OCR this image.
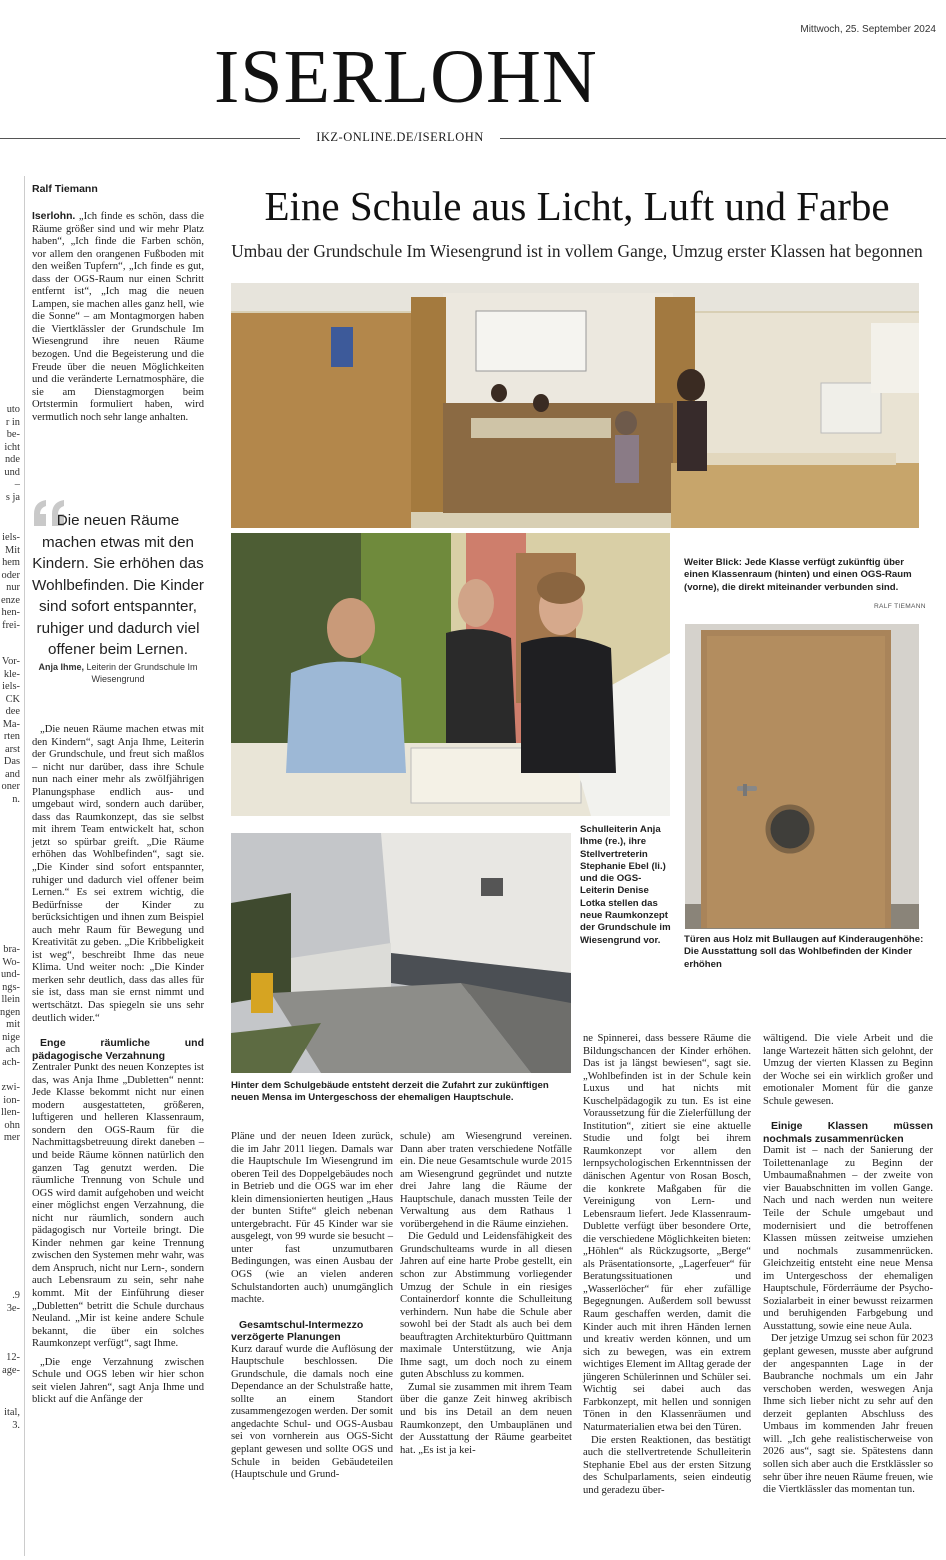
Mittwoch, 25. September 2024
ISERLOHN
IKZ-ONLINE.DE/ISERLOHN
uto
r in
be-
icht
nde
und
–
s ja
iels-
Mit
hem
oder
nur
enze
hen-
frei-
Vor-
kle-
iels-
CK
dee
Ma-
rten
arst
Das
and
oner
n.
bra-
Wo-
und-
ngs-
llein
ngen
mit
nige
ach
ach-
zwi-
ion-
llen-
ohn
mer
.9
3e-
12-
age-
ital,
3.
Ralf Tiemann	Eine Schule aus Licht, Luft und Farbe
Umbau der Grundschule Im Wiesengrund ist in vollem Gange, Umzug erster Klassen hat begonnen

Iserlohn. „Ich finde es schön, dass die Räume größer sind und wir mehr Platz haben“, „Ich finde die Farben schön, vor allem den orangenen Fußboden mit den weißen Tupfern“, „Ich finde es gut, dass der OGS-Raum nur einen Schritt entfernt ist“, „Ich mag die neuen Lampen, sie machen alles ganz hell, wie die Sonne“ – am Montagmorgen haben die Viertklässler der Grundschule Im Wiesengrund ihre neuen Räume bezogen. Und die Begeisterung und die Freude über die neuen Möglichkeiten und die veränderte Lernatmosphäre, die sie am Dienstagmorgen beim Ortstermin formuliert haben, wird vermutlich noch sehr lange anhalten.

Die neuen Räume machen etwas mit den Kindern. Sie erhöhen das Wohlbefinden. Die Kinder sind sofort entspannter, ruhiger und dadurch viel offener beim Lernen.
Anja Ihme, Leiterin der Grundschule Im Wiesengrund

„Die neuen Räume machen etwas mit den Kindern“, sagt Anja Ihme, Leiterin der Grundschule, und freut sich maßlos – nicht nur darüber, dass ihre Schule nun nach einer mehr als zwölfjährigen Planungsphase endlich aus- und umgebaut wird, sondern auch darüber, dass das Raumkonzept, das sie selbst mit ihrem Team entwickelt hat, schon jetzt so spürbar greift. „Die Räume erhöhen das Wohlbefinden“, sagt sie. „Die Kinder sind sofort entspannter, ruhiger und dadurch viel offener beim Lernen.“ Es sei extrem wichtig, die Bedürfnisse der Kinder zu berücksichtigen und ihnen zum Beispiel auch mehr Raum für Bewegung und Kreativität zu geben. „Die Kribbeligkeit ist weg“, beschreibt Ihme das neue Klima. Und weiter noch: „Die Kinder merken sehr deutlich, dass das alles für sie ist, dass man sie ernst nimmt und wertschätzt. Das spiegeln sie uns sehr deutlich wider.“

Enge räumliche und pädagogische Verzahnung

Zentraler Punkt des neuen Konzeptes ist das, was Anja Ihme „Dubletten“ nennt: Jede Klasse bekommt nicht nur einen modern ausgestatteten, größeren, luftigeren und helleren Klassenraum, sondern den OGS-Raum für die Nachmittagsbetreuung direkt daneben – und beide Räume können natürlich den ganzen Tag genutzt werden. Die räumliche Trennung von Schule und OGS wird damit aufgehoben und weicht einer möglichst engen Verzahnung, die nicht nur räumlich, sondern auch pädagogisch nur Vorteile bringt. Die Kinder nehmen gar keine Trennung zwischen den Systemen mehr wahr, was dem Anspruch, nicht nur Lern-, sondern auch Lebensraum zu sein, sehr nahe kommt. Mit der Einführung dieser „Dubletten“ betritt die Schule durchaus Neuland. „Mir ist keine andere Schule bekannt, die über ein solches Raumkonzept verfügt“, sagt Ihme.

„Die enge Verzahnung zwischen Schule und OGS leben wir hier schon seit vielen Jahren“, sagt Anja Ihme und blickt auf die Anfänge der

Weiter Blick: Jede Klasse verfügt zukünftig über einen Klassenraum (hinten) und einen OGS-Raum (vorne), die direkt miteinander verbunden sind.
RALF TIEMANN
Schulleiterin Anja Ihme (re.), ihre Stellvertreterin Stephanie Ebel (li.) und die OGS-Leiterin Denise Lotka stellen das neue Raumkonzept der Grundschule im Wiesengrund vor.	Türen aus Holz mit Bullaugen auf Kinderaugenhöhe: Die Ausstattung soll das Wohlbefinden der Kinder erhöhen
Hinter dem Schulgebäude entsteht derzeit die Zufahrt zur zukünftigen neuen Mensa im Untergeschoss der ehemaligen Hauptschule.

Pläne und der neuen Ideen zurück, die im Jahr 2011 liegen. Damals war die Hauptschule Im Wiesengrund im oberen Teil des Doppelgebäudes noch in Betrieb und die OGS war im eher klein dimensionierten heutigen „Haus der bunten Stifte“ gleich nebenan untergebracht. Für 45 Kinder war sie ausgelegt, von 99 wurde sie besucht – unter fast unzumutbaren Bedingungen, was einen Ausbau der OGS (wie an vielen anderen Schulstandorten auch) unumgänglich machte.

Gesamtschul-Intermezzo verzögerte Planungen

Kurz darauf wurde die Auflösung der Hauptschule beschlossen. Die Grundschule, die damals noch eine Dependance an der Schulstraße hatte, sollte an einem Standort zusammengezogen werden. Der somit angedachte Schul- und OGS-Ausbau sei von vornherein aus OGS-Sicht geplant gewesen und sollte OGS und Schule in beiden Gebäudeteilen (Hauptschule und Grund-

schule) am Wiesengrund vereinen. Dann aber traten verschiedene Notfälle ein. Die neue Gesamtschule wurde 2015 am Wiesengrund gegründet und nutzte drei Jahre lang die Räume der Hauptschule, danach mussten Teile der Verwaltung aus dem Rathaus 1 vorübergehend in die Räume einziehen.

Die Geduld und Leidensfähigkeit des Grundschulteams wurde in all diesen Jahren auf eine harte Probe gestellt, ein schon zur Abstimmung vorliegender Umzug der Schule in ein riesiges Containerdorf konnte die Schulleitung verhindern. Nun habe die Schule aber sowohl bei der Stadt als auch bei dem beauftragten Architekturbüro Quittmann maximale Unterstützung, wie Anja Ihme sagt, um doch noch zu einem guten Abschluss zu kommen.

Zumal sie zusammen mit ihrem Team über die ganze Zeit hinweg akribisch und bis ins Detail an dem neuen Raumkonzept, den Umbauplänen und der Ausstattung der Räume gearbeitet hat. „Es ist ja kei-

ne Spinnerei, dass bessere Räume die Bildungschancen der Kinder erhöhen. Das ist ja längst bewiesen“, sagt sie. „Wohlbefinden ist in der Schule kein Luxus und hat nichts mit Kuschelpädagogik zu tun. Es ist eine Voraussetzung für die Zielerfüllung der Institution“, zitiert sie eine aktuelle Studie und folgt bei ihrem Raumkonzept vor allem den lernpsychologischen Erkenntnissen der dänischen Agentur von Rosan Bosch, die konkrete Maßgaben für die Vereinigung von Lern- und Lebensraum liefert. Jede Klassenraum-Dublette verfügt über besondere Orte, die verschiedene Möglichkeiten bieten: „Höhlen“ als Rückzugsorte, „Berge“ als Präsentationsorte, „Lagerfeuer“ für Beratungssituationen und „Wasserlöcher“ für eher zufällige Begegnungen. Außerdem soll bewusst Raum geschaffen werden, damit die Kinder auch mit ihren Händen lernen und kreativ werden können, und um sich zu bewegen, was ein extrem wichtiges Element im Alltag gerade der jüngeren Schülerinnen und Schüler sei. Wichtig sei dabei auch das Farbkonzept, mit hellen und sonnigen Tönen in den Klassenräumen und Naturmaterialien etwa bei den Türen.

Die ersten Reaktionen, das bestätigt auch die stellvertretende Schulleiterin Stephanie Ebel aus der ersten Sitzung des Schulparlaments, seien eindeutig und geradezu über-

wältigend. Die viele Arbeit und die lange Wartezeit hätten sich gelohnt, der Umzug der vierten Klassen zu Beginn der Woche sei ein wirklich großer und emotionaler Moment für die ganze Schule gewesen.

Einige Klassen müssen nochmals zusammenrücken

Damit ist – nach der Sanierung der Toilettenanlage zu Beginn der Umbaumaßnahmen – der zweite von vier Bauabschnitten im vollen Gange. Nach und nach werden nun weitere Teile der Schule umgebaut und modernisiert und die betroffenen Klassen müssen zeitweise umziehen und nochmals zusammenrücken. Gleichzeitig entsteht eine neue Mensa im Untergeschoss der ehemaligen Hauptschule, Förderräume der Psycho-Sozialarbeit in einer bewusst reizarmen und beruhigenden Farbgebung und Ausstattung, sowie eine neue Aula.

Der jetzige Umzug sei schon für 2023 geplant gewesen, musste aber aufgrund der angespannten Lage in der Baubranche nochmals um ein Jahr verschoben werden, weswegen Anja Ihme sich lieber nicht zu sehr auf den derzeit geplanten Abschluss des Umbaus im kommenden Jahr freuen will. „Ich gehe realistischerweise von 2026 aus“, sagt sie. Spätestens dann sollen sich aber auch die Erstklässler so sehr über ihre neuen Räume freuen, wie die Viertklässler das momentan tun.
